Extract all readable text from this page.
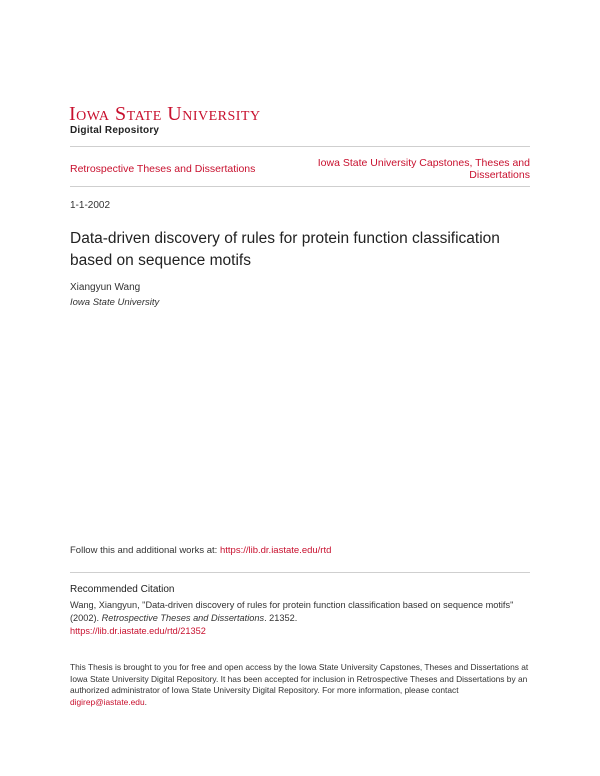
Iowa State University
Digital Repository
Retrospective Theses and Dissertations	Iowa State University Capstones, Theses and Dissertations
1-1-2002
Data-driven discovery of rules for protein function classification based on sequence motifs
Xiangyun Wang
Iowa State University
Follow this and additional works at: https://lib.dr.iastate.edu/rtd
Recommended Citation
Wang, Xiangyun, "Data-driven discovery of rules for protein function classification based on sequence motifs" (2002). Retrospective Theses and Dissertations. 21352.
https://lib.dr.iastate.edu/rtd/21352
This Thesis is brought to you for free and open access by the Iowa State University Capstones, Theses and Dissertations at Iowa State University Digital Repository. It has been accepted for inclusion in Retrospective Theses and Dissertations by an authorized administrator of Iowa State University Digital Repository. For more information, please contact digirep@iastate.edu.
